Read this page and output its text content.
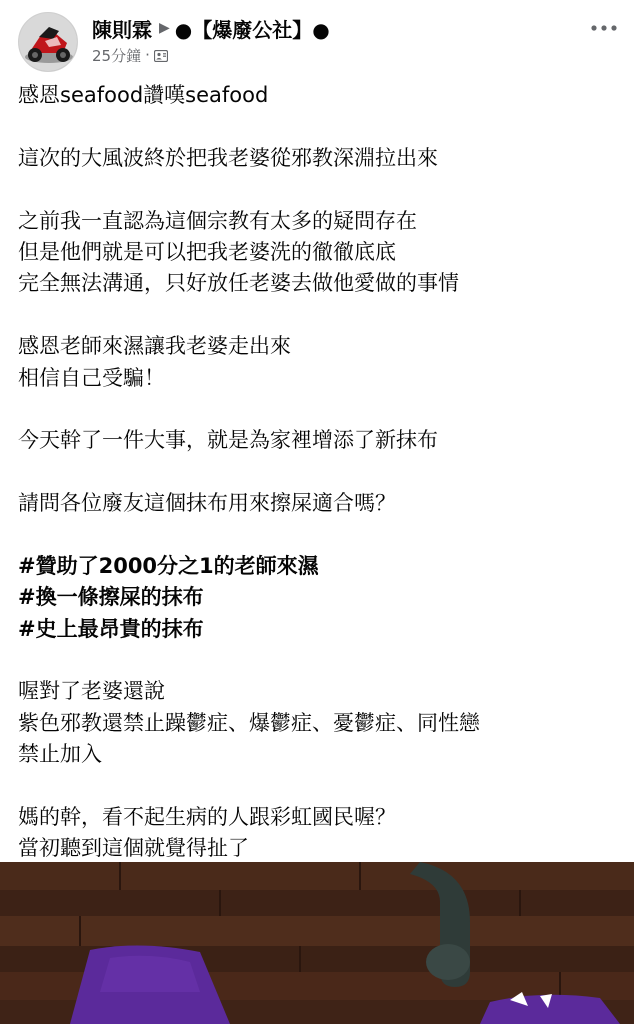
陳則霖 ▶ ●【爆廢公社】●
25分鐘 ·
感恩seafood讚嘆seafood
這次的大風波終於把我老婆從邪教深淵拉出來
之前我一直認為這個宗教有太多的疑問存在
但是他們就是可以把我老婆洗的徹徹底底
完全無法溝通，只好放任老婆去做他愛做的事情
感恩老師來濕讓我老婆走出來
相信自己受騙！
今天幹了一件大事，就是為家裡增添了新抹布
請問各位廢友這個抹布用來擦屎適合嗎？
#贊助了2000分之1的老師來濕
#換一條擦屎的抹布
#史上最昂貴的抹布
喔對了老婆還說
紫色邪教還禁止躁鬱症、爆鬱症、憂鬱症、同性戀
禁止加入
媽的幹，看不起生病的人跟彩虹國民喔？
當初聽到這個就覺得扯了
